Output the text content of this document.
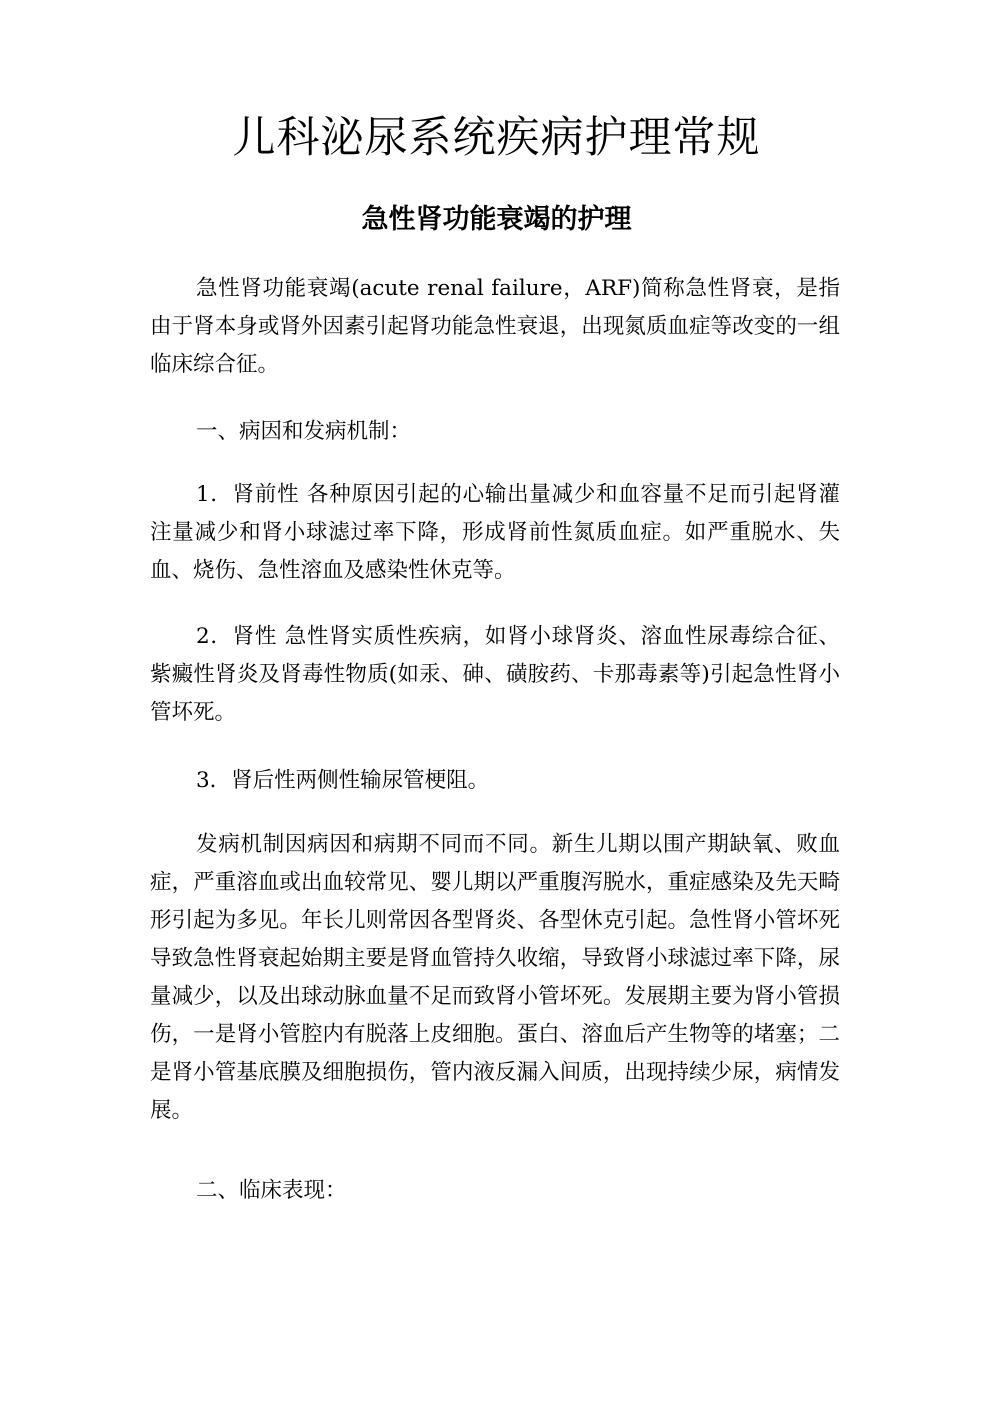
儿科泌尿系统疾病护理常规
急性肾功能衰竭的护理

急性肾功能衰竭(acute renal failure，ARF)简称急性肾衰，是指由于肾本身或肾外因素引起肾功能急性衰退，出现氮质血症等改变的一组临床综合征。

一、病因和发病机制：

1．肾前性 各种原因引起的心输出量减少和血容量不足而引起肾灌注量减少和肾小球滤过率下降，形成肾前性氮质血症。如严重脱水、失血、烧伤、急性溶血及感染性休克等。

2．肾性 急性肾实质性疾病，如肾小球肾炎、溶血性尿毒综合征、紫癜性肾炎及肾毒性物质(如汞、砷、磺胺药、卡那毒素等)引起急性肾小管坏死。

3．肾后性两侧性输尿管梗阻。

发病机制因病因和病期不同而不同。新生儿期以围产期缺氧、败血症，严重溶血或出血较常见、婴儿期以严重腹泻脱水，重症感染及先天畸形引起为多见。年长儿则常因各型肾炎、各型休克引起。急性肾小管坏死导致急性肾衰起始期主要是肾血管持久收缩，导致肾小球滤过率下降，尿量减少，以及出球动脉血量不足而致肾小管坏死。发展期主要为肾小管损伤，一是肾小管腔内有脱落上皮细胞。蛋白、溶血后产生物等的堵塞；二是肾小管基底膜及细胞损伤，管内液反漏入间质，出现持续少尿，病情发展。

二、临床表现：
